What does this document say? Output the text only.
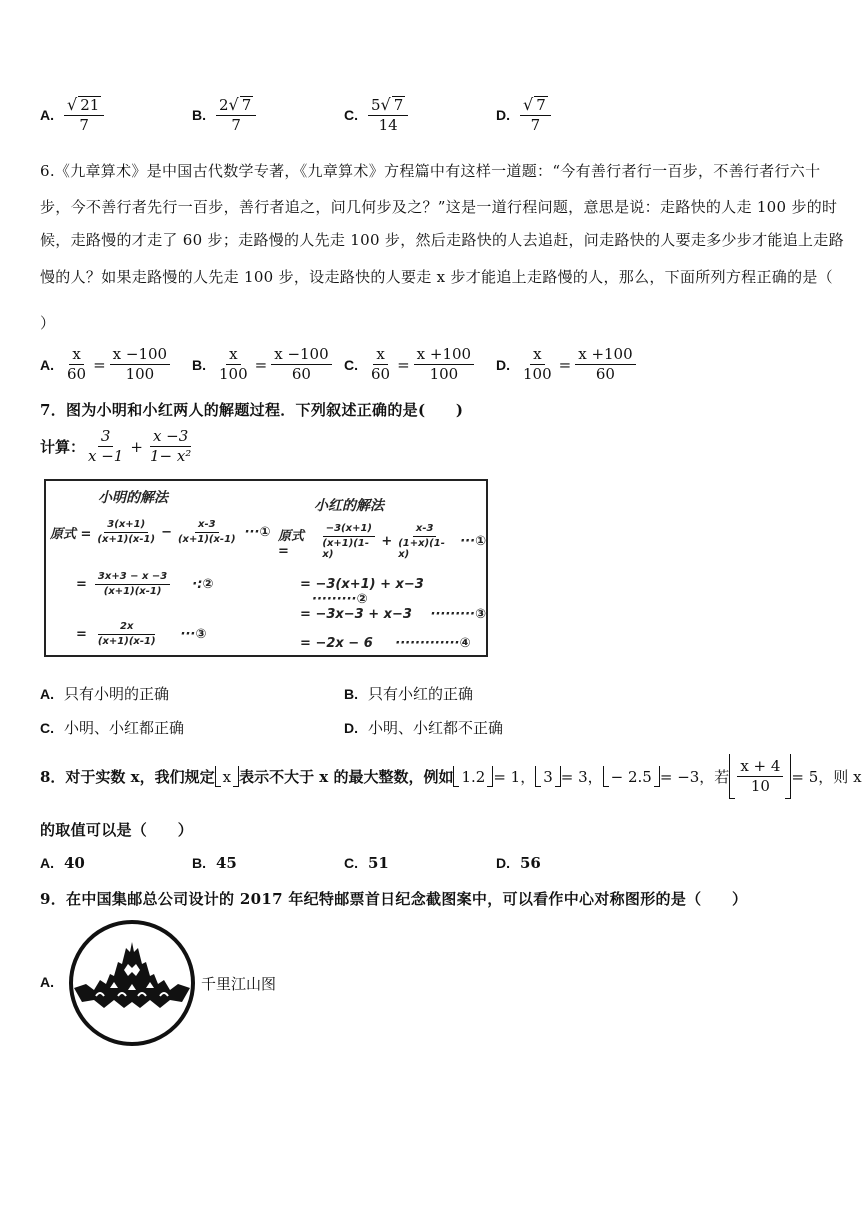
A. $\frac{√ 21}{7}$	B. $\frac{2√ 7}{7}$	C. $\frac{5√ 7}{14}$	D. $\frac{√ 7}{7}$
6.《九章算术》是中国古代数学专著，《九章算术》方程篇中有这样一道题：“今有善行者行一百步，不善行者行六十
步，今不善行者先行一百步，善行者追之，问几何步及之？”这是一道行程问题，意思是说：走路快的人走 100 步的时
候，走路慢的才走了 60 步；走路慢的人先走 100 步，然后走路快的人去追赶，问走路快的人要走多少步才能追上走路
慢的人？如果走路慢的人先走 100 步，设走路快的人要走 x 步才能追上走路慢的人，那么，下面所列方程正确的是（
）
A. $\frac{x}{60} = \frac{x -100}{100} B$. $\frac{x}{100} = \frac{x -100}{60} C$. $\frac{x}{60} = \frac{x +100}{100} D$. $\frac{x}{100} = \frac{x +100}{60}$
7．图为小明和小红两人的解题过程．下列叙述正确的是(　　)
计算： $\frac{3}{x -1} + \frac{x -3}{\text{1− x²}}$
小明的解法	小红的解法
原式 = $\frac{3(x+1)}{(x+1)(x-1)} - \frac{x-3}{(x+1)(x-1)}$ ···①
= $\frac{3x+3 - x -3}{(x+1)(x-1)}$ ·:②
= $\frac{2x}{(x+1)(x-1)}$ ···③
原式 =	$\frac{-3(x+1)}{(x+1)(1-x)} + \frac{x-3}{(1+x)(1-x)}$ ···①
= −3(x+1) + x−3 ·········②
= −3x−3 + x−3 ·········③
= −2x − 6 ·············④
A. 只有小明的正确	B. 只有小红的正确
C. 小明、小红都正确	D. 小明、小红都不正确
8．对于实数 x，我们规定 x 表示不大于 x 的最大整数，例如 1.2 = 1， 3 = 3， − 2.5 = −3，若 $\frac{x + 4}{10} = 5$，则 x
的取值可以是（　　）
A. 40	B. 45	C. 51	D. 56
9．在中国集邮总公司设计的 2017 年纪特邮票首日纪念截图案中，可以看作中心对称图形的是（　　）
A.	千里江山图
